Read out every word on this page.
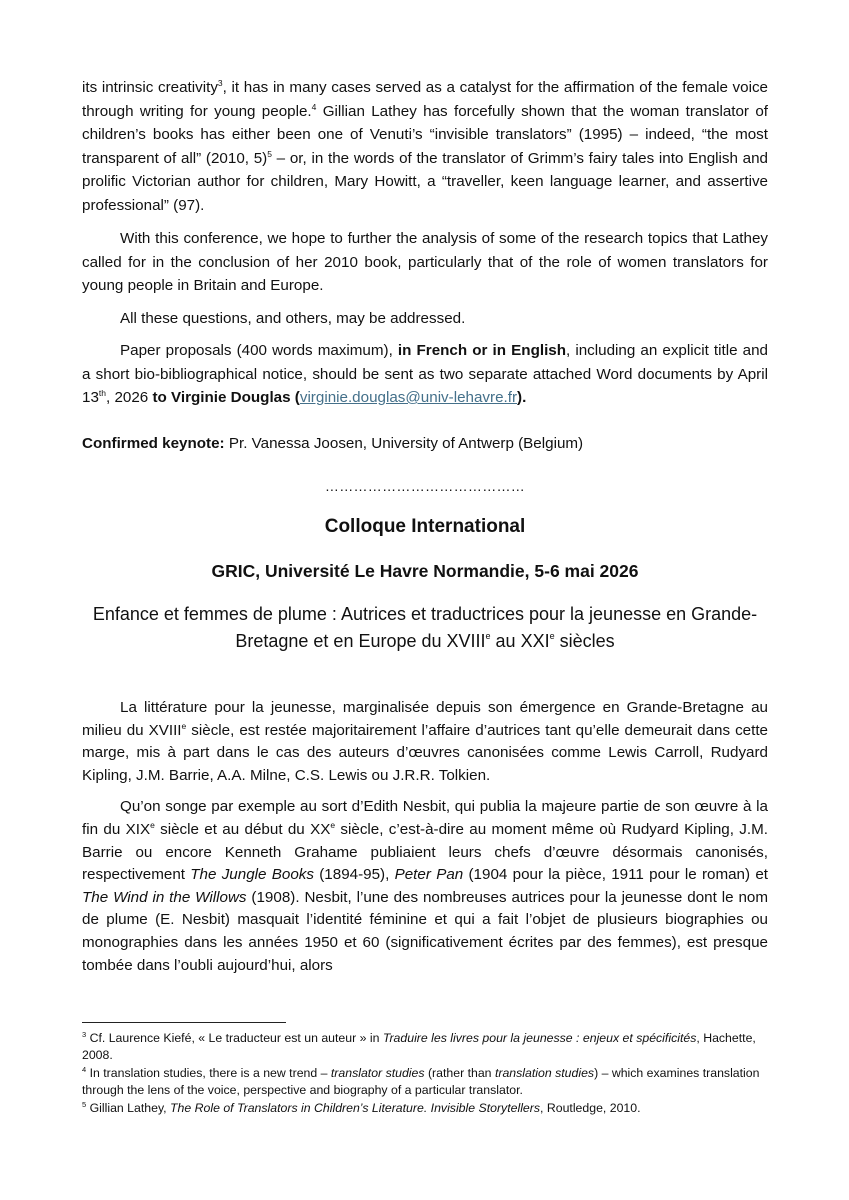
its intrinsic creativity$^3$, it has in many cases served as a catalyst for the affirmation of the female voice through writing for young people.$^4$ Gillian Lathey has forcefully shown that the woman translator of children’s books has either been one of Venuti’s “invisible translators” (1995) – indeed, “the most transparent of all” (2010, 5)$^5$ – or, in the words of the translator of Grimm’s fairy tales into English and prolific Victorian author for children, Mary Howitt, a “traveller, keen language learner, and assertive professional” (97).

With this conference, we hope to further the analysis of some of the research topics that Lathey called for in the conclusion of her 2010 book, particularly that of the role of women translators for young people in Britain and Europe.

All these questions, and others, may be addressed.

Paper proposals (400 words maximum), in French or in English, including an explicit title and a short bio-bibliographical notice, should be sent as two separate attached Word documents by April 13th, 2026 to Virginie Douglas (virginie.douglas@univ-lehavre.fr).

Confirmed keynote: Pr. Vanessa Joosen, University of Antwerp (Belgium)

……………………………………
Colloque International
GRIC, Université Le Havre Normandie, 5-6 mai 2026
Enfance et femmes de plume : Autrices et traductrices pour la jeunesse en Grande-Bretagne et en Europe du XVIIIe au XXIe siècles

La littérature pour la jeunesse, marginalisée depuis son émergence en Grande-Bretagne au milieu du XVIIIe siècle, est restée majoritairement l’affaire d’autrices tant qu’elle demeurait dans cette marge, mis à part dans le cas des auteurs d’œuvres canonisées comme Lewis Carroll, Rudyard Kipling, J.M. Barrie, A.A. Milne, C.S. Lewis ou J.R.R. Tolkien.

Qu’on songe par exemple au sort d’Edith Nesbit, qui publia la majeure partie de son œuvre à la fin du XIXe siècle et au début du XXe siècle, c’est-à-dire au moment même où Rudyard Kipling, J.M. Barrie ou encore Kenneth Grahame publiaient leurs chefs d’œuvre désormais canonisés, respectivement The Jungle Books (1894-95), Peter Pan (1904 pour la pièce, 1911 pour le roman) et The Wind in the Willows (1908). Nesbit, l’une des nombreuses autrices pour la jeunesse dont le nom de plume (E. Nesbit) masquait l’identité féminine et qui a fait l’objet de plusieurs biographies ou monographies dans les années 1950 et 60 (significativement écrites par des femmes), est presque tombée dans l’oubli aujourd’hui, alors

$^3$ Cf. Laurence Kiefé, « Le traducteur est un auteur » in Traduire les livres pour la jeunesse : enjeux et spécificités, Hachette, 2008.

$^4$ In translation studies, there is a new trend – translator studies (rather than translation studies) – which examines translation through the lens of the voice, perspective and biography of a particular translator.

$^5$ Gillian Lathey, The Role of Translators in Children’s Literature. Invisible Storytellers, Routledge, 2010.
